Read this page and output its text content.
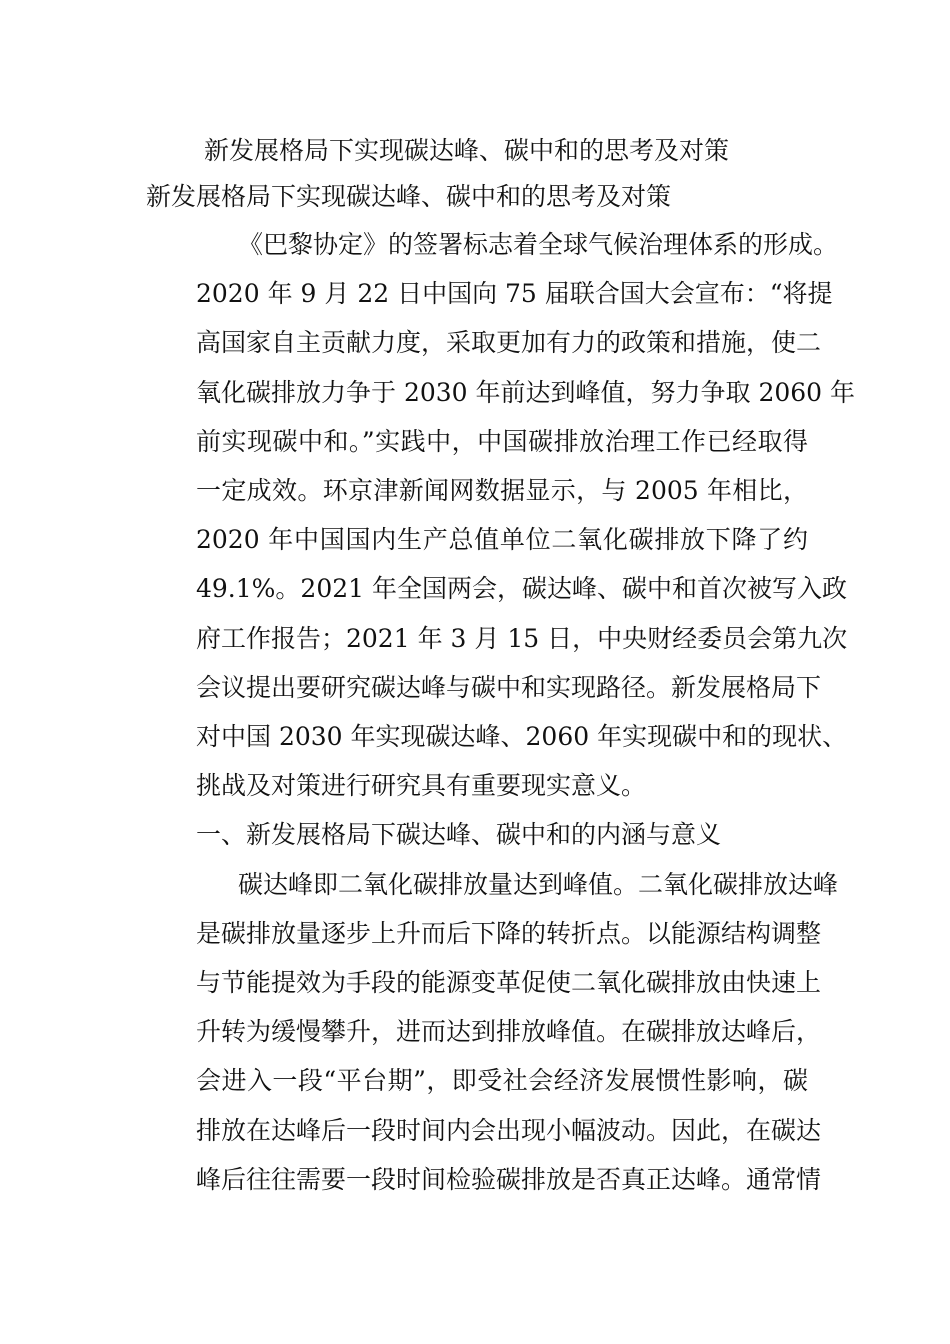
新发展格局下实现碳达峰、碳中和的思考及对策
新发展格局下实现碳达峰、碳中和的思考及对策
《巴黎协定》的签署标志着全球气候治理体系的形成。
2020 年 9 月 22 日中国向 75 届联合国大会宣布：“将提
高国家自主贡献力度，采取更加有力的政策和措施，使二
氧化碳排放力争于 2030 年前达到峰值，努力争取 2060 年
前实现碳中和。”实践中，中国碳排放治理工作已经取得
一定成效。环京津新闻网数据显示，与 2005 年相比，
2020 年中国国内生产总值单位二氧化碳排放下降了约
49.1%。2021 年全国两会，碳达峰、碳中和首次被写入政
府工作报告；2021 年 3 月 15 日，中央财经委员会第九次
会议提出要研究碳达峰与碳中和实现路径。新发展格局下
对中国 2030 年实现碳达峰、2060 年实现碳中和的现状、
挑战及对策进行研究具有重要现实意义。
一、新发展格局下碳达峰、碳中和的内涵与意义
碳达峰即二氧化碳排放量达到峰值。二氧化碳排放达峰
是碳排放量逐步上升而后下降的转折点。以能源结构调整
与节能提效为手段的能源变革促使二氧化碳排放由快速上
升转为缓慢攀升，进而达到排放峰值。在碳排放达峰后，
会进入一段“平台期”，即受社会经济发展惯性影响，碳
排放在达峰后一段时间内会出现小幅波动。因此，在碳达
峰后往往需要一段时间检验碳排放是否真正达峰。通常情
